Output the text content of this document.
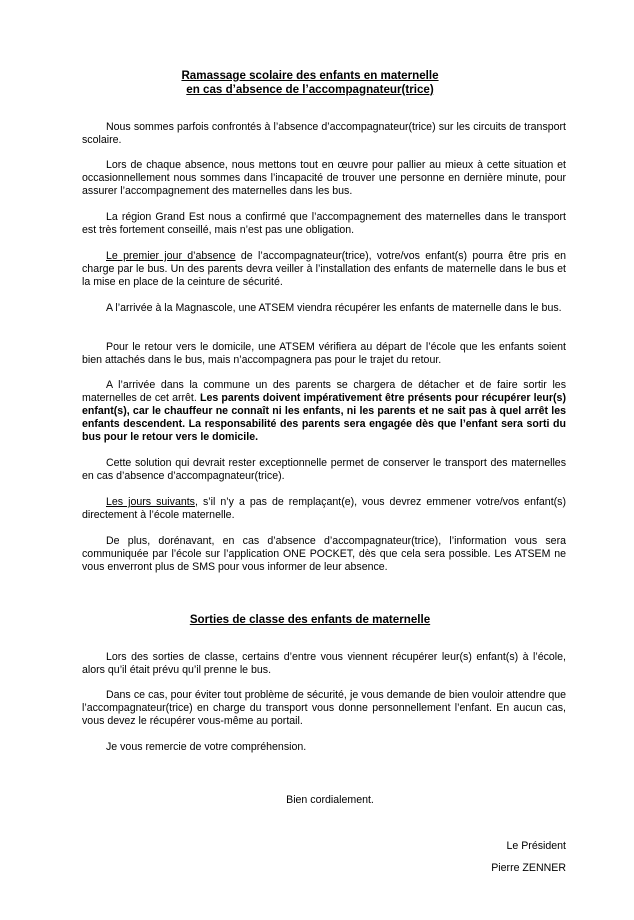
Ramassage scolaire des enfants en maternelle
en cas d’absence de l’accompagnateur(trice)
Nous sommes parfois confrontés à l’absence d’accompagnateur(trice) sur les circuits de transport scolaire.
Lors de chaque absence, nous mettons tout en œuvre pour pallier au mieux à cette situation et occasionnellement nous sommes dans l’incapacité de trouver une personne en dernière minute, pour assurer l’accompagnement des maternelles dans les bus.
La région Grand Est nous a confirmé que l’accompagnement des maternelles dans le transport est très fortement conseillé, mais n’est pas une obligation.
Le premier jour d’absence de l’accompagnateur(trice), votre/vos enfant(s) pourra être pris en charge par le bus. Un des parents devra veiller à l’installation des enfants de maternelle dans le bus et la mise en place de la ceinture de sécurité.
A l’arrivée à la Magnascole, une ATSEM viendra récupérer les enfants de maternelle dans le bus.
Pour le retour vers le domicile, une ATSEM vérifiera au départ de l’école que les enfants soient bien attachés dans le bus, mais n’accompagnera pas pour le trajet du retour.
A l’arrivée dans la commune un des parents se chargera de détacher et de faire sortir les maternelles de cet arrêt. Les parents doivent impérativement être présents pour récupérer leur(s) enfant(s), car le chauffeur ne connaît ni les enfants, ni les parents et ne sait pas à quel arrêt les enfants descendent. La responsabilité des parents sera engagée dès que l’enfant sera sorti du bus pour le retour vers le domicile.
Cette solution qui devrait rester exceptionnelle permet de conserver le transport des maternelles en cas d’absence d’accompagnateur(trice).
Les jours suivants, s’il n’y a pas de remplaçant(e), vous devrez emmener votre/vos enfant(s) directement à l’école maternelle.
De plus, dorénavant, en cas d’absence d’accompagnateur(trice), l’information vous sera communiquée par l’école sur l’application ONE POCKET, dès que cela sera possible. Les ATSEM ne vous enverront plus de SMS pour vous informer de leur absence.
Sorties de classe des enfants de maternelle
Lors des sorties de classe, certains d’entre vous viennent récupérer leur(s) enfant(s) à l’école, alors qu’il était prévu qu’il prenne le bus.
Dans ce cas, pour éviter tout problème de sécurité, je vous demande de bien vouloir attendre que l’accompagnateur(trice) en charge du transport vous donne personnellement l’enfant. En aucun cas, vous devez le récupérer vous-même au portail.
Je vous remercie de votre compréhension.
Bien cordialement.
Le Président
Pierre ZENNER
